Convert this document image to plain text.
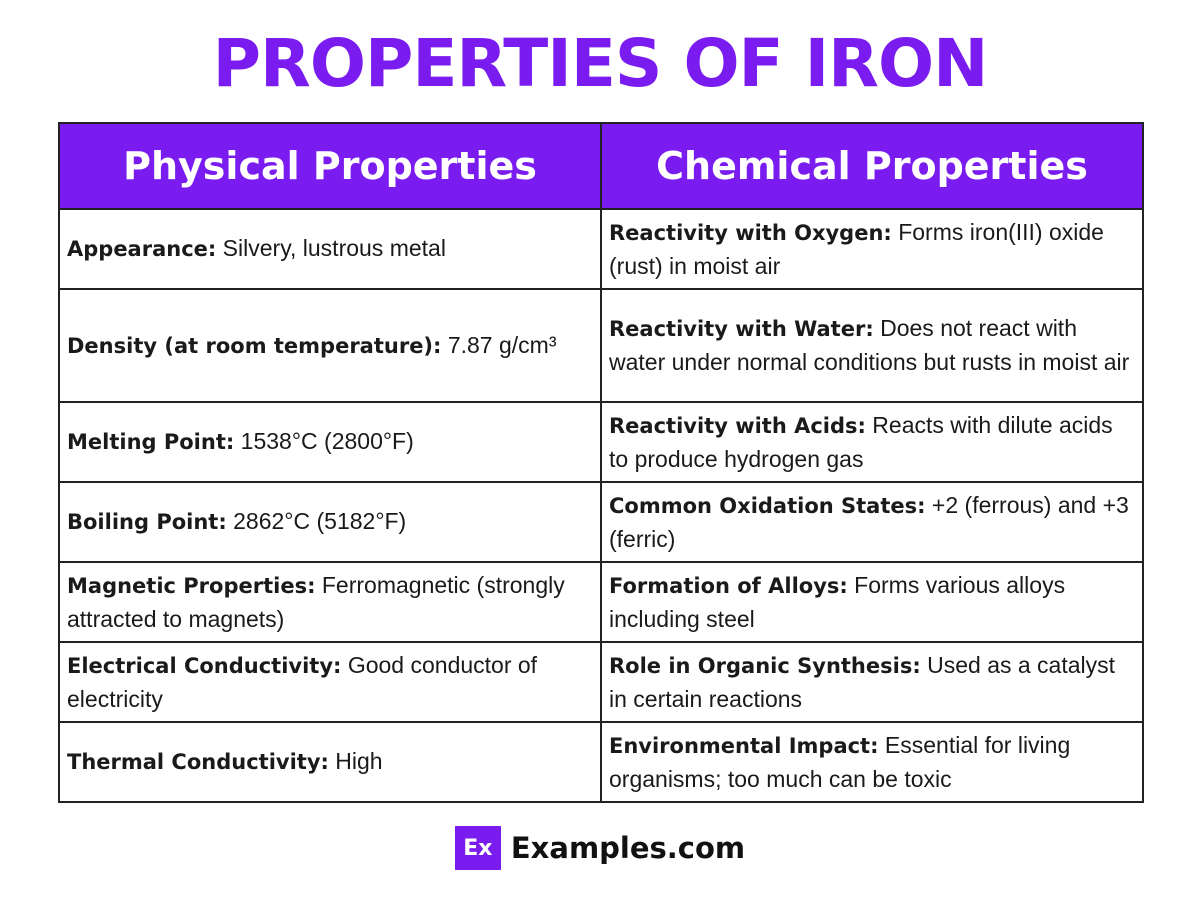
PROPERTIES OF IRON
Physical Properties	Chemical Properties
Appearance: Silvery, lustrous metal	Reactivity with Oxygen: Forms iron(III) oxide (rust) in moist air
Density (at room temperature): 7.87 g/cm³	Reactivity with Water: Does not react with water under normal conditions but rusts in moist air
Melting Point: 1538°C (2800°F)	Reactivity with Acids: Reacts with dilute acids to produce hydrogen gas
Boiling Point: 2862°C (5182°F)	Common Oxidation States: +2 (ferrous) and +3 (ferric)
Magnetic Properties: Ferromagnetic (strongly attracted to magnets)	Formation of Alloys: Forms various alloys including steel
Electrical Conductivity: Good conductor of electricity	Role in Organic Synthesis: Used as a catalyst in certain reactions
Thermal Conductivity: High	Environmental Impact: Essential for living organisms; too much can be toxic
Ex Examples.com
